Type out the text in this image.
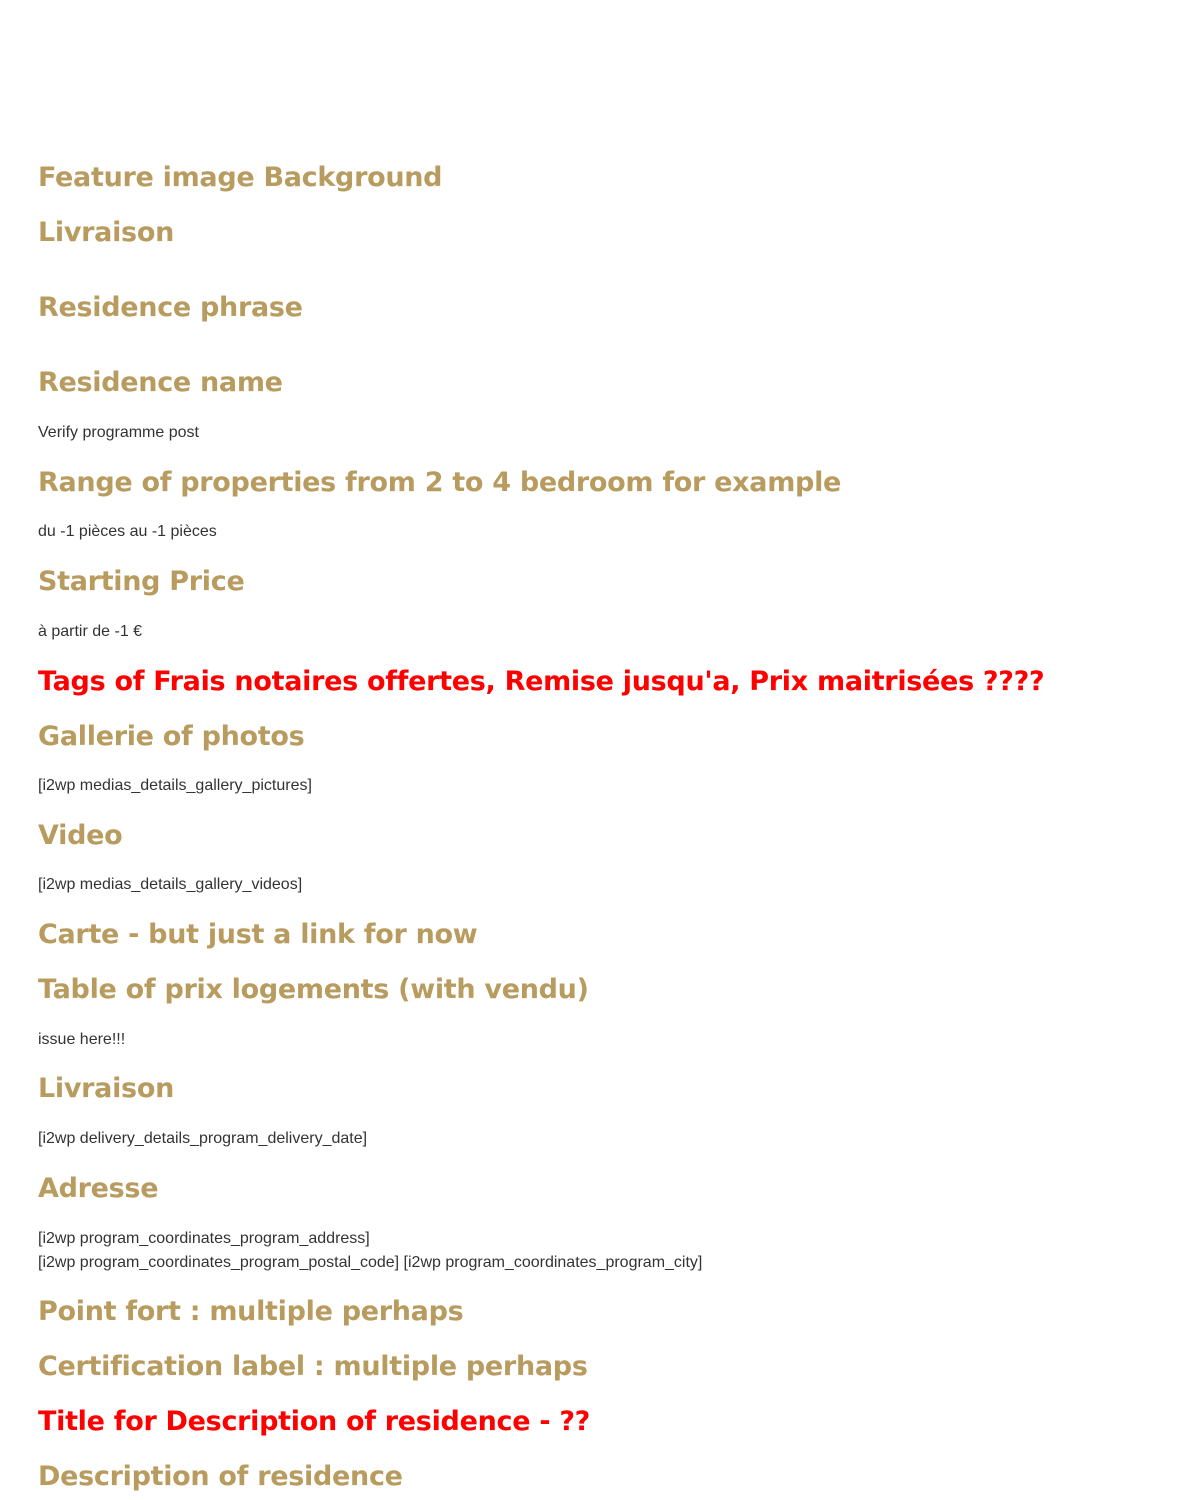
Feature image Background
Livraison
Residence phrase
Residence name

Verify programme post

Range of properties from 2 to 4 bedroom for example

du -1 pièces au -1 pièces

Starting Price

à partir de -1 €

Tags of Frais notaires offertes, Remise jusqu'a, Prix maitrisées ????
Gallerie of photos

[i2wp medias_details_gallery_pictures]

Video

[i2wp medias_details_gallery_videos]

Carte - but just a link for now
Table of prix logements (with vendu)

issue here!!!

Livraison

[i2wp delivery_details_program_delivery_date]

Adresse

[i2wp program_coordinates_program_address]

[i2wp program_coordinates_program_postal_code] [i2wp program_coordinates_program_city]

Point fort : multiple perhaps
Certification label : multiple perhaps
Title for Description of residence - ??
Description of residence
